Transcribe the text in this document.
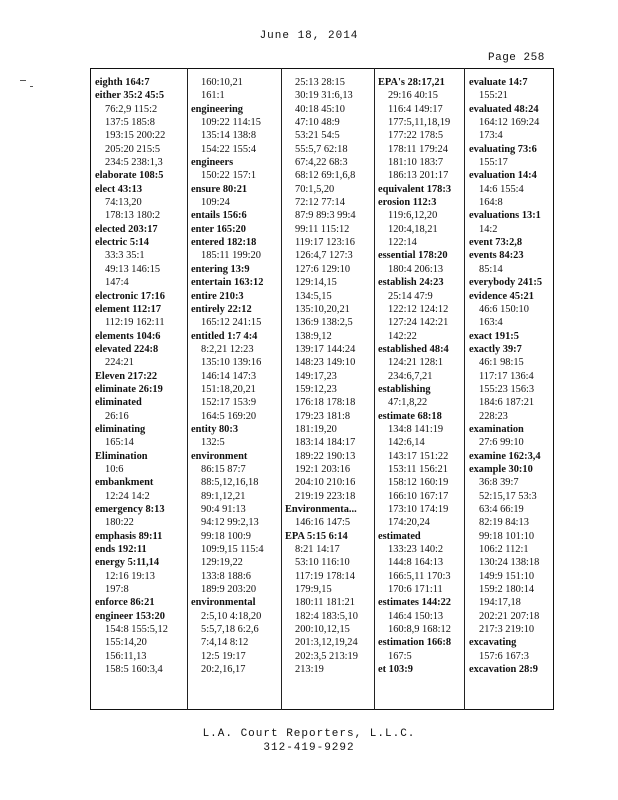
June 18, 2014
Page 258
eighth 164:7
either 35:2 45:5
76:2,9 115:2
137:5 185:8
193:15 200:22
205:20 215:5
234:5 238:1,3
elaborate 108:5
elect 43:13
74:13,20
178:13 180:2
elected 203:17
electric 5:14
33:3 35:1
49:13 146:15
147:4
electronic 17:16
element 112:17
112:19 162:11
elements 104:6
elevated 224:8
224:21
Eleven 217:22
eliminate 26:19
eliminated
26:16
eliminating
165:14
Elimination
10:6
embankment
12:24 14:2
emergency 8:13
180:22
emphasis 89:11
ends 192:11
energy 5:11,14
12:16 19:13
197:8
enforce 86:21
engineer 153:20
154:8 155:5,12
155:14,20
156:11,13
158:5 160:3,4
160:10,21
161:1
engineering
109:22 114:15
135:14 138:8
154:22 155:4
engineers
150:22 157:1
ensure 80:21
109:24
entails 156:6
enter 165:20
entered 182:18
185:11 199:20
entering 13:9
entertain 163:12
entire 210:3
entirely 22:12
165:12 241:15
entitled 1:7 4:4
8:2,21 12:23
135:10 139:16
146:14 147:3
151:18,20,21
152:17 153:9
164:5 169:20
entity 80:3
132:5
environment
86:15 87:7
88:5,12,16,18
89:1,12,21
90:4 91:13
94:12 99:2,13
99:18 100:9
109:9,15 115:4
129:19,22
133:8 188:6
189:9 203:20
environmental
2:5,10 4:18,20
5:5,7,18 6:2,6
7:4,14 8:12
12:5 19:17
20:2,16,17
25:13 28:15
30:19 31:6,13
40:18 45:10
47:10 48:9
53:21 54:5
55:5,7 62:18
67:4,22 68:3
68:12 69:1,6,8
70:1,5,20
72:12 77:14
87:9 89:3 99:4
99:11 115:12
119:17 123:16
126:4,7 127:3
127:6 129:10
129:14,15
134:5,15
135:10,20,21
136:9 138:2,5
138:9,12
139:17 144:24
148:23 149:10
149:17,23
159:12,23
176:18 178:18
179:23 181:8
181:19,20
183:14 184:17
189:22 190:13
192:1 203:16
204:10 210:16
219:19 223:18
Environmenta...
146:16 147:5
EPA 5:15 6:14
8:21 14:17
53:10 116:10
117:19 178:14
179:9,15
180:11 181:21
182:4 183:5,10
200:10,12,15
201:3,12,19,24
202:3,5 213:19
213:19
EPA's 28:17,21
29:16 40:15
116:4 149:17
177:5,11,18,19
177:22 178:5
178:11 179:24
181:10 183:7
186:13 201:17
equivalent 178:3
erosion 112:3
119:6,12,20
120:4,18,21
122:14
essential 178:20
180:4 206:13
establish 24:23
25:14 47:9
122:12 124:12
127:24 142:21
142:22
established 48:4
124:21 128:1
234:6,7,21
establishing
47:1,8,22
estimate 68:18
134:8 141:19
142:6,14
143:17 151:22
153:11 156:21
158:12 160:19
166:10 167:17
173:10 174:19
174:20,24
estimated
133:23 140:2
144:8 164:13
166:5,11 170:3
170:6 171:11
estimates 144:22
146:4 150:13
160:8,9 168:12
estimation 166:8
167:5
et 103:9
evaluate 14:7
155:21
evaluated 48:24
164:12 169:24
173:4
evaluating 73:6
155:17
evaluation 14:4
14:6 155:4
164:8
evaluations 13:1
14:2
event 73:2,8
events 84:23
85:14
everybody 241:5
evidence 45:21
46:6 150:10
163:4
exact 191:5
exactly 39:7
46:1 98:15
117:17 136:4
155:23 156:3
184:6 187:21
228:23
examination
27:6 99:10
examine 162:3,4
example 30:10
36:8 39:7
52:15,17 53:3
63:4 66:19
82:19 84:13
99:18 101:10
106:2 112:1
130:24 138:18
149:9 151:10
159:2 180:14
194:17,18
202:21 207:18
217:3 219:10
excavating
157:6 167:3
excavation 28:9
L.A. Court Reporters, L.L.C.
312-419-9292
